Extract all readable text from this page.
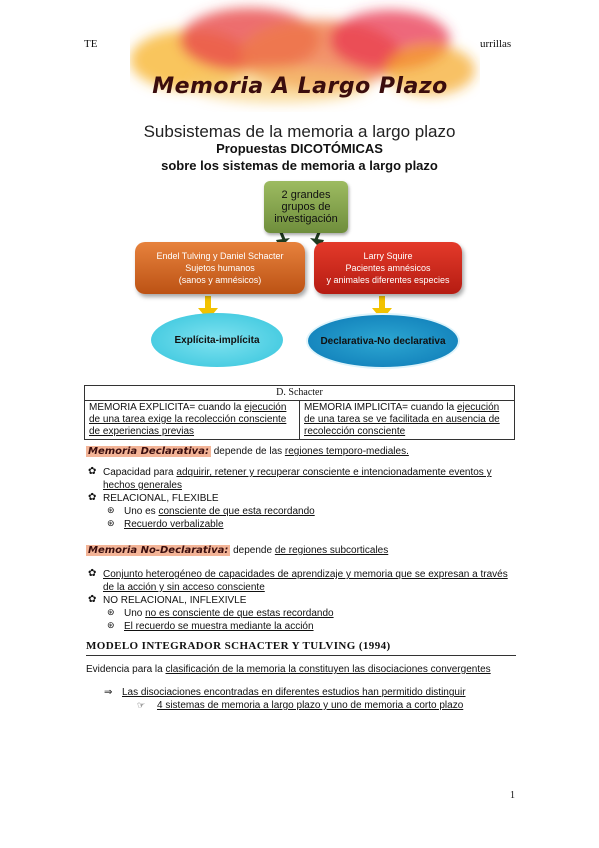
TE	urrillas
Memoria A Largo Plazo
Subsistemas de la memoria a largo plazo
Propuestas DICOTÓMICAS
sobre los sistemas de memoria a largo plazo
2 grandes
grupos de
investigación
Endel Tulving y Daniel Schacter
Sujetos humanos
(sanos y amnésicos)
Larry Squire
Pacientes amnésicos
y animales diferentes especies
Explícita-implícita	Declarativa-No declarativa
D. Schacter
MEMORIA EXPLICITA= cuando la ejecución de una tarea exige la recolección consciente de experiencias previas	MEMORIA IMPLICITA= cuando la ejecución de una tarea se ve facilitada en ausencia de recolección consciente
Memoria Declarativa: depende de las regiones temporo-mediales.
✿ Capacidad para adquirir, retener y recuperar consciente e intencionadamente eventos y hechos generales
✿ RELACIONAL, FLEXIBLE
⊛ Uno es consciente de que esta recordando
⊛ Recuerdo verbalizable
Memoria No-Declarativa: depende de regiones subcorticales
✿ Conjunto heterogéneo de capacidades de aprendizaje y memoria que se expresan a través de la acción y sin acceso consciente
✿ NO RELACIONAL, INFLEXIVLE
⊛ Uno no es consciente de que estas recordando
⊛ El recuerdo se muestra mediante la acción
MODELO INTEGRADOR SCHACTER Y TULVING (1994)
Evidencia para la clasificación de la memoria la constituyen las disociaciones convergentes
⇒ Las disociaciones encontradas en diferentes estudios han permitido distinguir
☞ 4 sistemas de memoria a largo plazo y uno de memoria a corto plazo
1
